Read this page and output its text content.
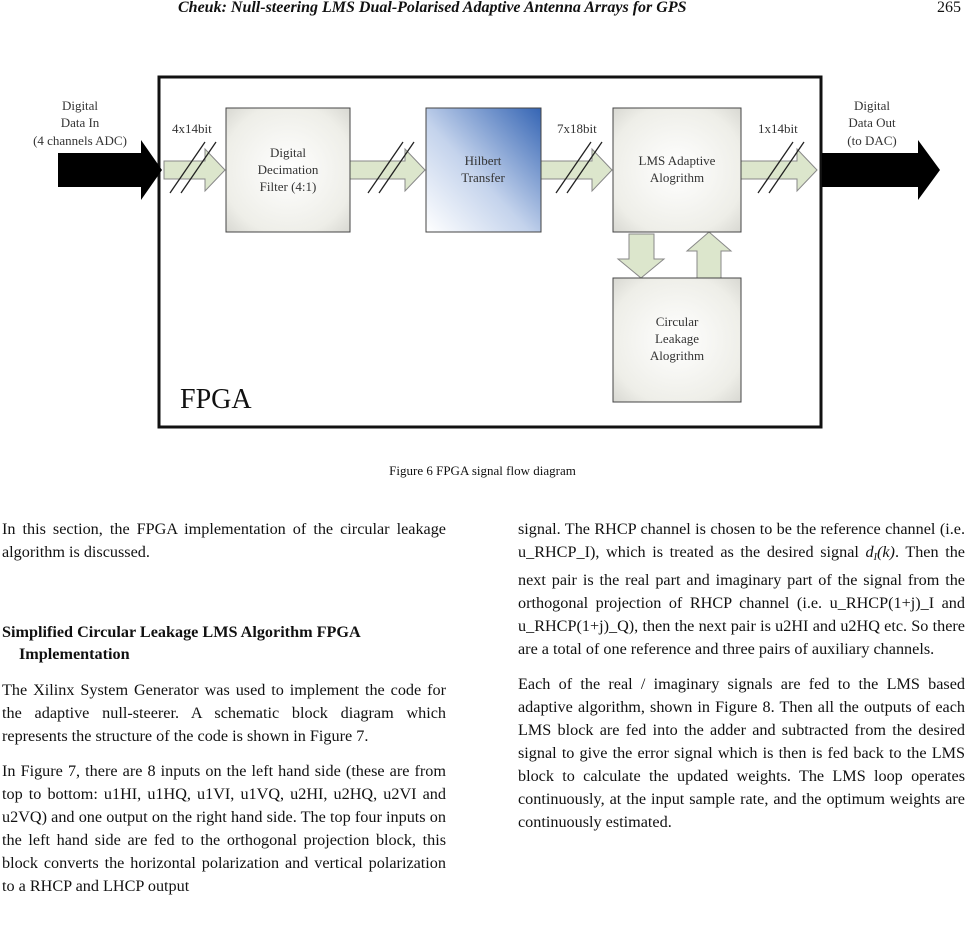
Cheuk: Null-steering LMS Dual-Polarised Adaptive Antenna Arrays for GPS	265
Digital
Data In
(4 channels ADC)
Digital
Data Out
(to DAC)
4x14bit	7x18bit	1x14bit
Digital
Decimation
Filter (4:1)
Hilbert
Transfer
LMS Adaptive
Alogrithm
Circular
Leakage
Alogrithm
FPGA
Figure 6 FPGA signal flow diagram

In this section, the FPGA implementation of the circular leakage algorithm is discussed.

Simplified Circular Leakage LMS Algorithm FPGA
Implementation

The Xilinx System Generator was used to implement the code for the adaptive null-steerer. A schematic block diagram which represents the structure of the code is shown in Figure 7.

In Figure 7, there are 8 inputs on the left hand side (these are from top to bottom: u1HI, u1HQ, u1VI, u1VQ, u2HI, u2HQ, u2VI and u2VQ) and one output on the right hand side. The top four inputs on the left hand side are fed to the orthogonal projection block, this block converts the horizontal polarization and vertical polarization to a RHCP and LHCP output

signal. The RHCP channel is chosen to be the reference channel (i.e. u_RHCP_I), which is treated as the desired signal $d_I(k)$. Then the next pair is the real part and imaginary part of the signal from the orthogonal projection of RHCP channel (i.e. u_RHCP(1+j)_I and u_RHCP(1+j)_Q), then the next pair is u2HI and u2HQ etc. So there are a total of one reference and three pairs of auxiliary channels.

Each of the real / imaginary signals are fed to the LMS based adaptive algorithm, shown in Figure 8. Then all the outputs of each LMS block are fed into the adder and subtracted from the desired signal to give the error signal which is then is fed back to the LMS block to calculate the updated weights. The LMS loop operates continuously, at the input sample rate, and the optimum weights are continuously estimated.
